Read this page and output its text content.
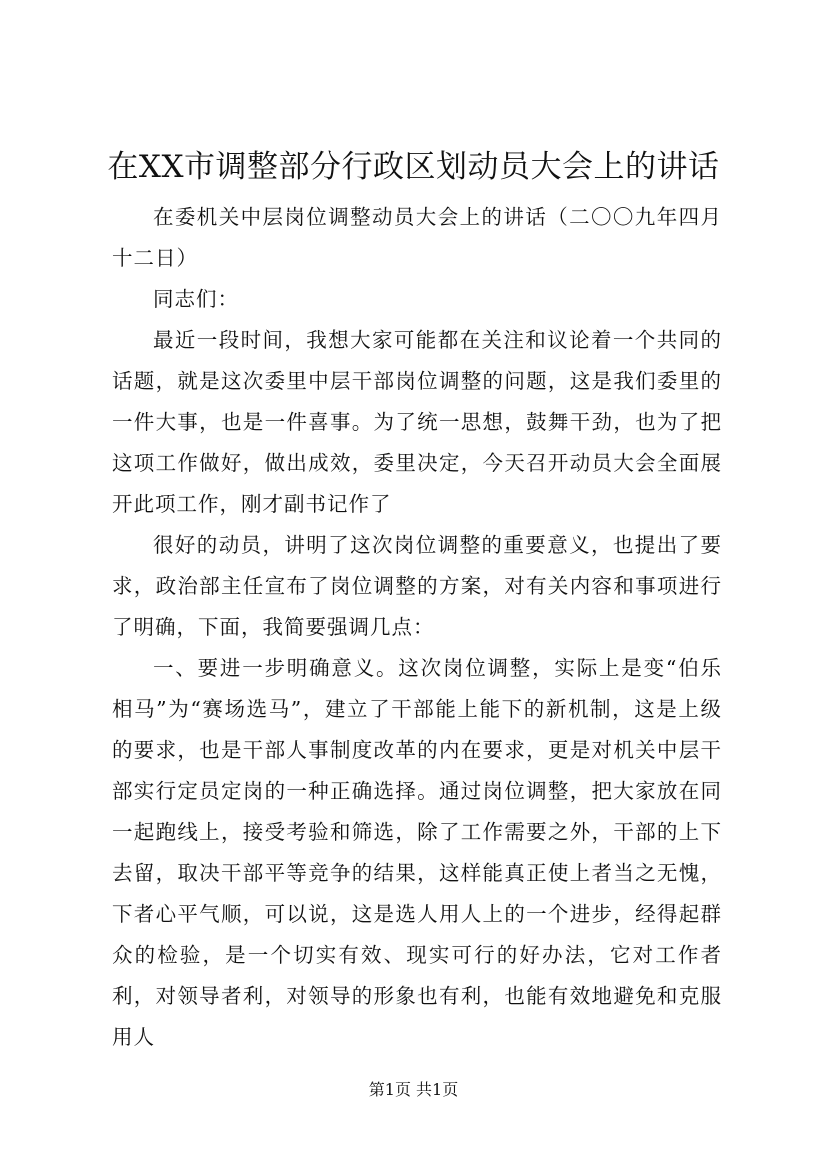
在XX市调整部分行政区划动员大会上的讲话

在委机关中层岗位调整动员大会上的讲话（二〇〇九年四月十二日）

同志们：

最近一段时间，我想大家可能都在关注和议论着一个共同的话题，就是这次委里中层干部岗位调整的问题，这是我们委里的一件大事，也是一件喜事。为了统一思想，鼓舞干劲，也为了把这项工作做好，做出成效，委里决定，今天召开动员大会全面展开此项工作，刚才副书记作了

很好的动员，讲明了这次岗位调整的重要意义，也提出了要求，政治部主任宣布了岗位调整的方案，对有关内容和事项进行了明确，下面，我简要强调几点：

一、要进一步明确意义。这次岗位调整，实际上是变“伯乐相马”为“赛场选马”，建立了干部能上能下的新机制，这是上级的要求，也是干部人事制度改革的内在要求，更是对机关中层干部实行定员定岗的一种正确选择。通过岗位调整，把大家放在同一起跑线上，接受考验和筛选，除了工作需要之外，干部的上下去留，取决干部平等竞争的结果，这样能真正使上者当之无愧，下者心平气顺，可以说，这是选人用人上的一个进步，经得起群众的检验，是一个切实有效、现实可行的好办法，它对工作者利，对领导者利，对领导的形象也有利，也能有效地避免和克服用人

第1页 共1页
